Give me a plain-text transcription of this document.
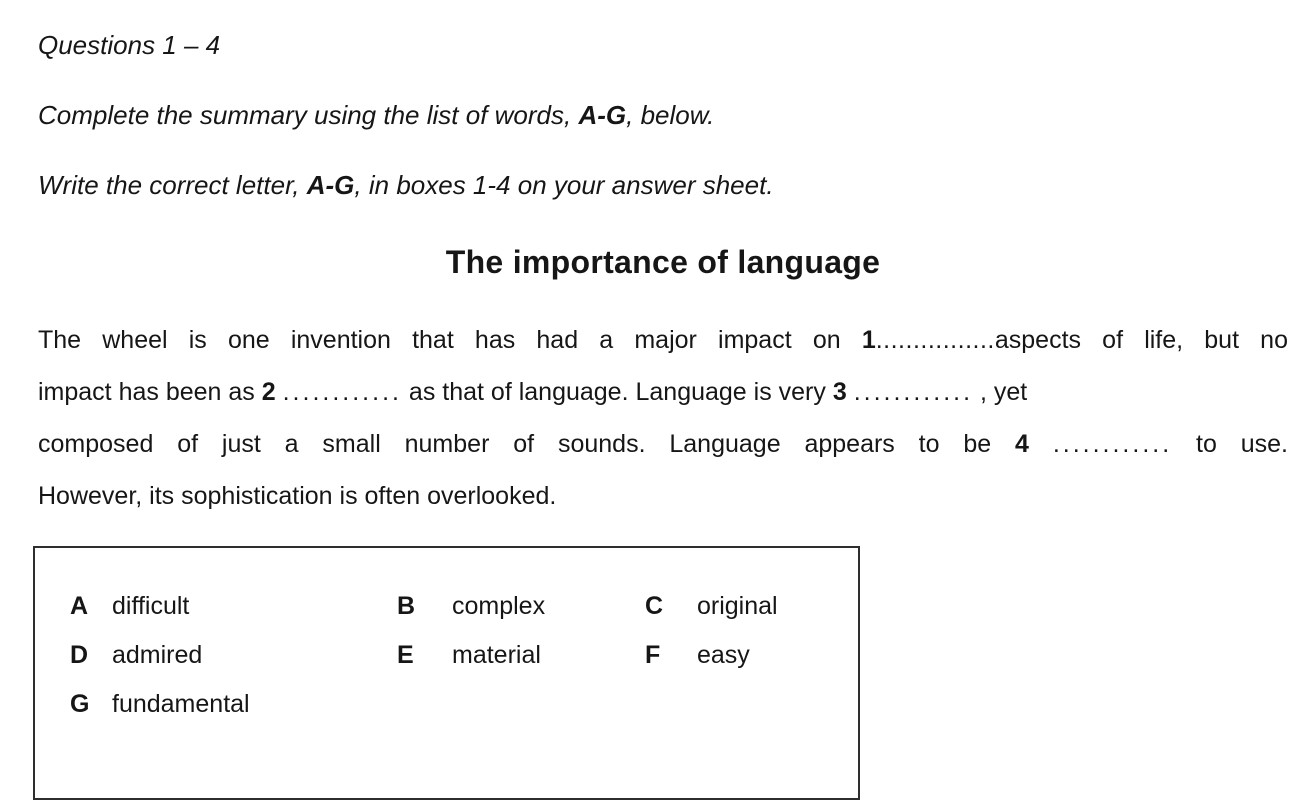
Questions 1 – 4
Complete the summary using the list of words, A-G, below.
Write the correct letter, A-G, in boxes 1-4 on your answer sheet.
The importance of language
The wheel is one invention that has had a major impact on 1................aspects of life, but no
impact has been as 2 ............ as that of language. Language is very 3 ............ , yet
composed of just a small number of sounds. Language appears to be 4 ............ to use.
However, its sophistication is often overlooked.
A difficult	B	complex	C	original
D admired	E	material	F	easy
G fundamental
